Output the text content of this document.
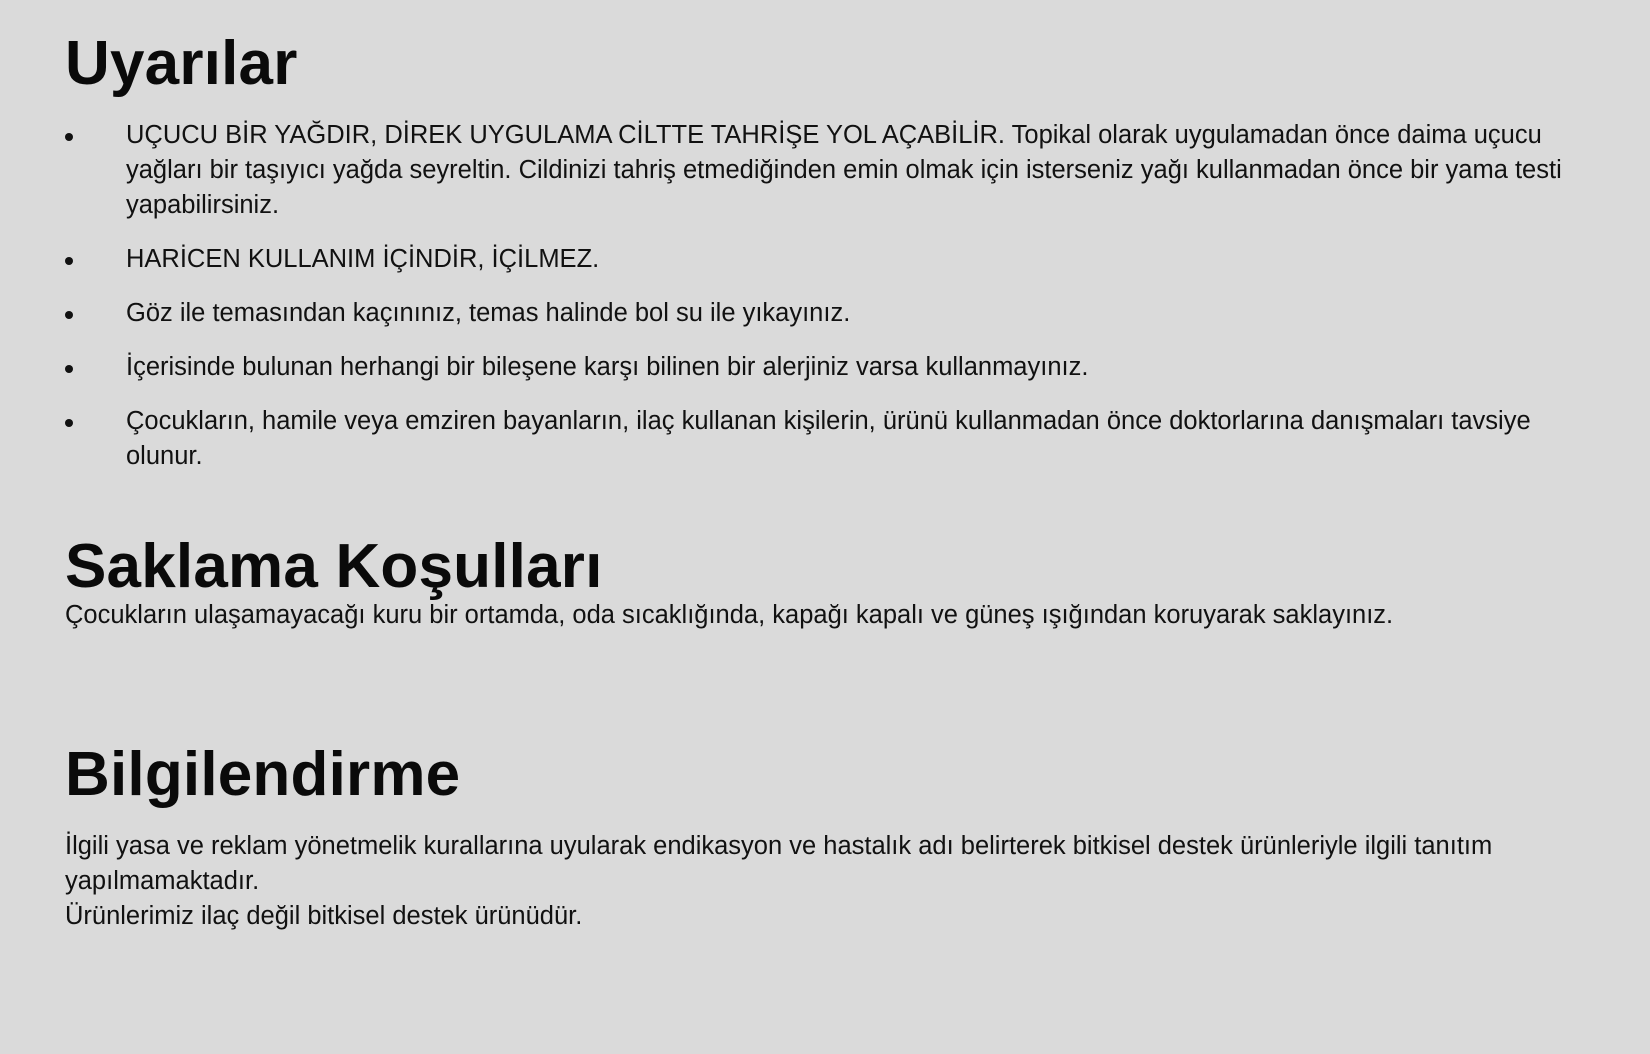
Uyarılar
UÇUCU BİR YAĞDIR, DİREK UYGULAMA CİLTTE TAHRİŞE YOL AÇABİLİR. Topikal olarak uygulamadan önce daima uçucu yağları bir taşıyıcı yağda seyreltin. Cildinizi tahriş etmediğinden emin olmak için isterseniz yağı kullanmadan önce bir yama testi yapabilirsiniz.
HARİCEN KULLANIM İÇİNDİR, İÇİLMEZ.
Göz ile temasından kaçınınız, temas halinde bol su ile yıkayınız.
İçerisinde bulunan herhangi bir bileşene karşı bilinen bir alerjiniz varsa kullanmayınız.
Çocukların, hamile veya emziren bayanların, ilaç kullanan kişilerin, ürünü kullanmadan önce doktorlarına danışmaları tavsiye olunur.
Saklama Koşulları

Çocukların ulaşamayacağı kuru bir ortamda, oda sıcaklığında, kapağı kapalı ve güneş ışığından koruyarak saklayınız.

Bilgilendirme

İlgili yasa ve reklam yönetmelik kurallarına uyularak endikasyon ve hastalık adı belirterek bitkisel destek ürünleriyle ilgili tanıtım yapılmamaktadır.
Ürünlerimiz ilaç değil bitkisel destek ürünüdür.
